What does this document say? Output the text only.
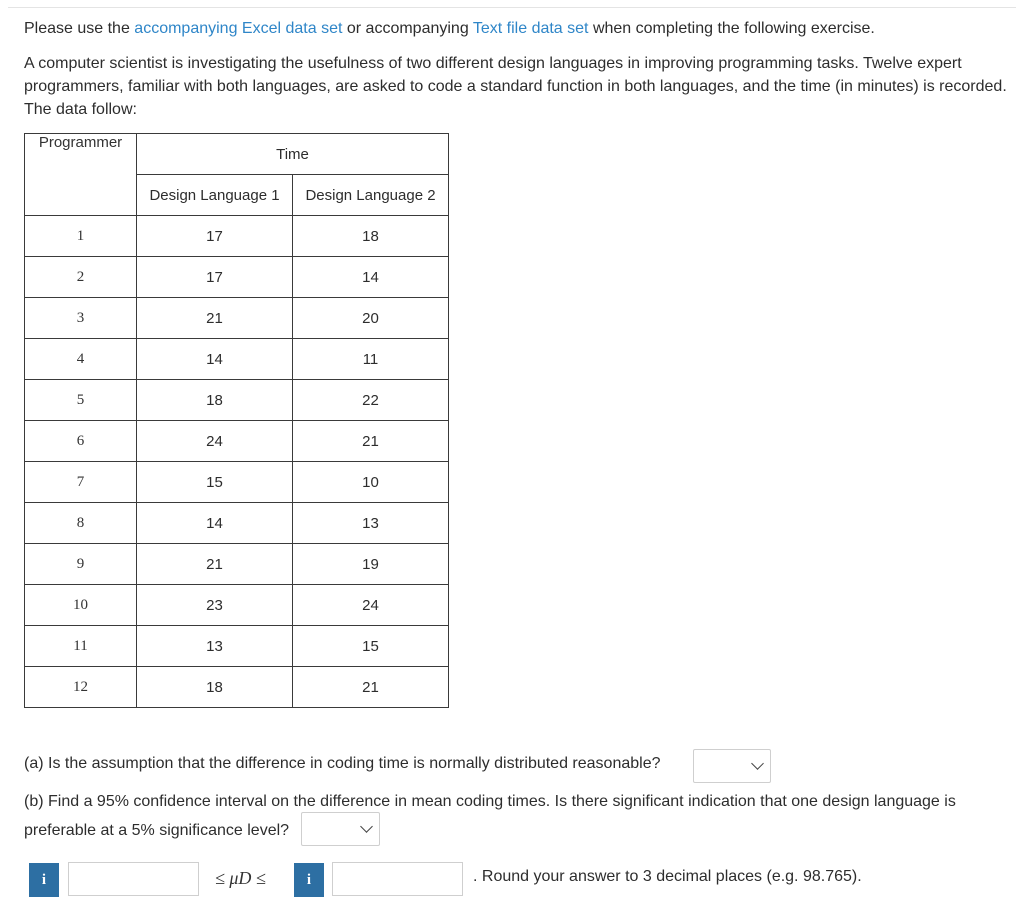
Please use the accompanying Excel data set or accompanying Text file data set when completing the following exercise.

A computer scientist is investigating the usefulness of two different design languages in improving programming tasks. Twelve expert programmers, familiar with both languages, are asked to code a standard function in both languages, and the time (in minutes) is recorded. The data follow:

Programmer	Time	
	Design Language 1	Design Language 2
1	17	18
2	17	14
3	21	20
4	14	11
5	18	22
6	24	21
7	15	10
8	14	13
9	21	19
10	23	24
11	13	15
12	18	21

(a) Is the assumption that the difference in coding time is normally distributed reasonable?

(b) Find a 95% confidence interval on the difference in mean coding times. Is there significant indication that one design language is preferable at a 5% significance level?

i	≤ μD ≤	i	. Round your answer to 3 decimal places (e.g. 98.765).
